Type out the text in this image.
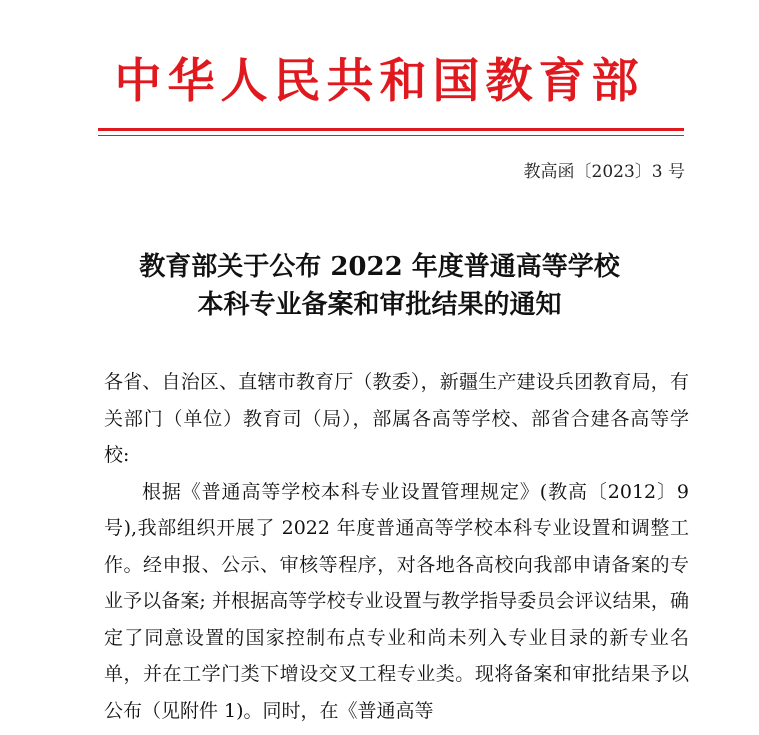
中华人民共和国教育部
教高函〔2023〕3 号
教育部关于公布 2022 年度普通高等学校
本科专业备案和审批结果的通知

各省、自治区、直辖市教育厅（教委），新疆生产建设兵团教育局，有关部门（单位）教育司（局），部属各高等学校、部省合建各高等学校:

根据《普通高等学校本科专业设置管理规定》(教高〔2012〕9号),我部组织开展了 2022 年度普通高等学校本科专业设置和调整工作。经申报、公示、审核等程序，对各地各高校向我部申请备案的专业予以备案; 并根据高等学校专业设置与教学指导委员会评议结果，确定了同意设置的国家控制布点专业和尚未列入专业目录的新专业名单，并在工学门类下增设交叉工程专业类。现将备案和审批结果予以公布（见附件 1)。同时，在《普通高等
